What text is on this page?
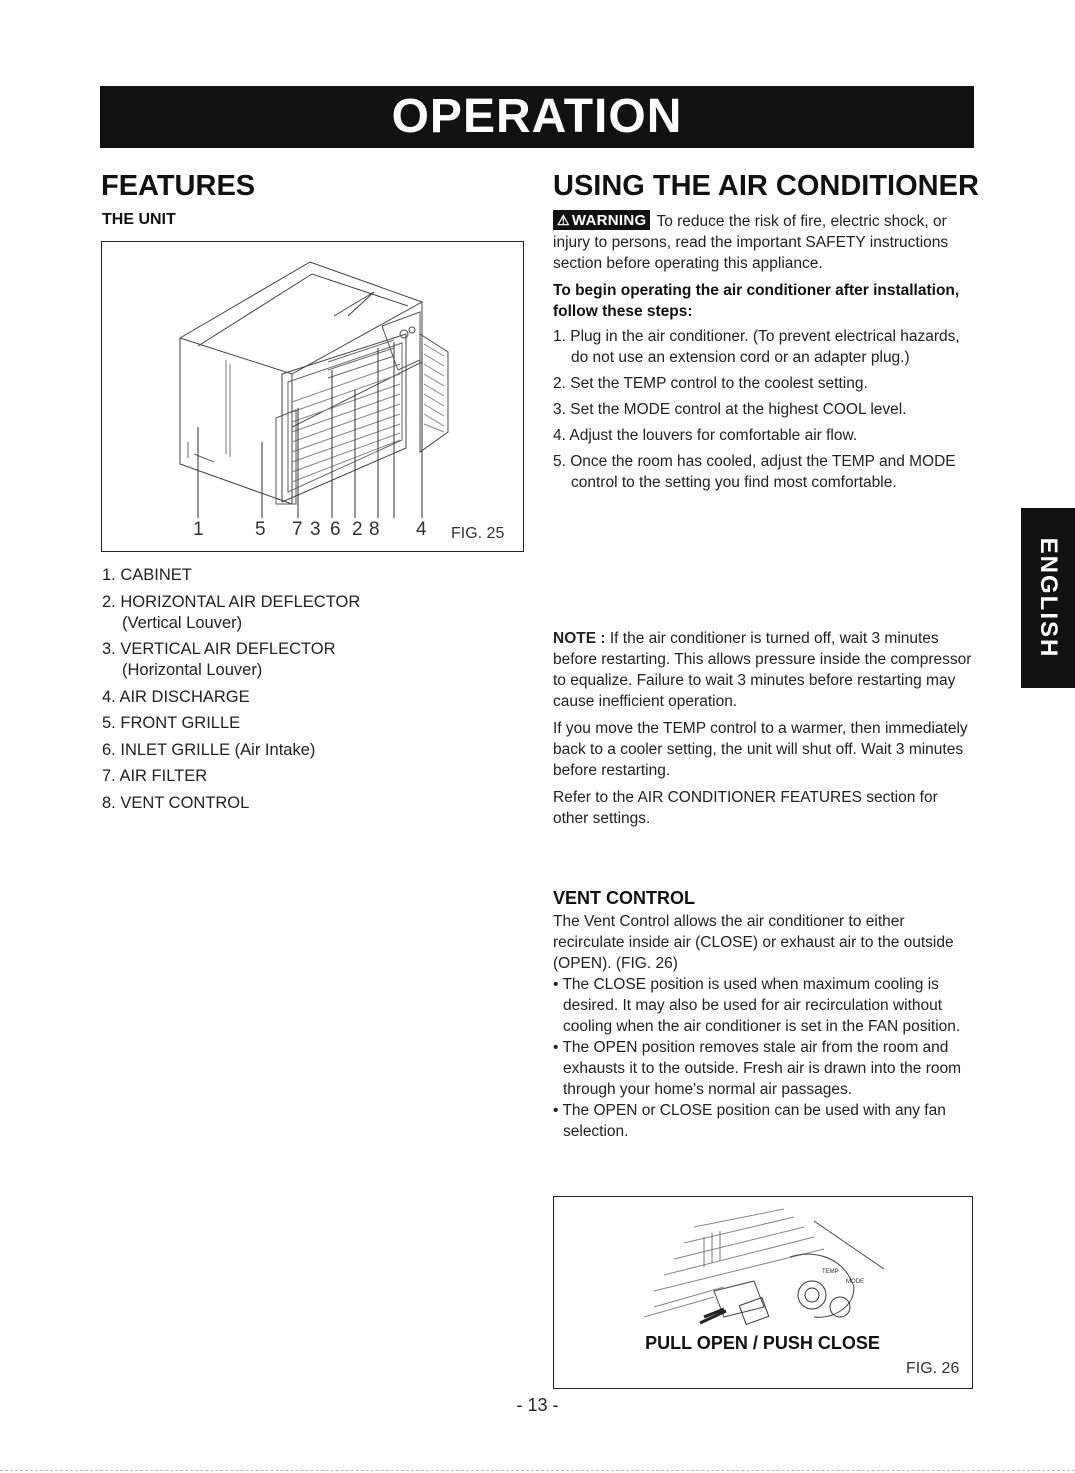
OPERATION
FEATURES
THE UNIT
1	5 7 3 6 2 8 4 FIG. 25
1. CABINET
2. HORIZONTAL AIR DEFLECTOR
(Vertical Louver)
3. VERTICAL AIR DEFLECTOR
(Horizontal Louver)
4. AIR DISCHARGE
5. FRONT GRILLE
6. INLET GRILLE (Air Intake)
7. AIR FILTER
8. VENT CONTROL
USING THE AIR CONDITIONER

⚠ WARNING To reduce the risk of fire, electric shock, or injury to persons, read the important SAFETY instructions section before operating this appliance.

To begin operating the air conditioner after installation, follow these steps:

1. Plug in the air conditioner. (To prevent electrical hazards, do not use an extension cord or an adapter plug.)
2. Set the TEMP control to the coolest setting.
3. Set the MODE control at the highest COOL level.
4. Adjust the louvers for comfortable air flow.
5. Once the room has cooled, adjust the TEMP and MODE control to the setting you find most comfortable.

NOTE : If the air conditioner is turned off, wait 3 minutes before restarting. This allows pressure inside the compressor to equalize. Failure to wait 3 minutes before restarting may cause inefficient operation.

If you move the TEMP control to a warmer, then immediately back to a cooler setting, the unit will shut off. Wait 3 minutes before restarting.

Refer to the AIR CONDITIONER FEATURES section for other settings.

VENT CONTROL

The Vent Control allows the air conditioner to either recirculate inside air (CLOSE) or exhaust air to the outside (OPEN). (FIG. 26)

• The CLOSE position is used when maximum cooling is desired. It may also be used for air recirculation without cooling when the air conditioner is set in the FAN position.
• The OPEN position removes stale air from the room and exhausts it to the outside. Fresh air is drawn into the room through your home's normal air passages.
• The OPEN or CLOSE position can be used with any fan selection.
TEMP
MODE
PULL OPEN / PUSH CLOSE
FIG. 26
ENGLISH
- 13 -
